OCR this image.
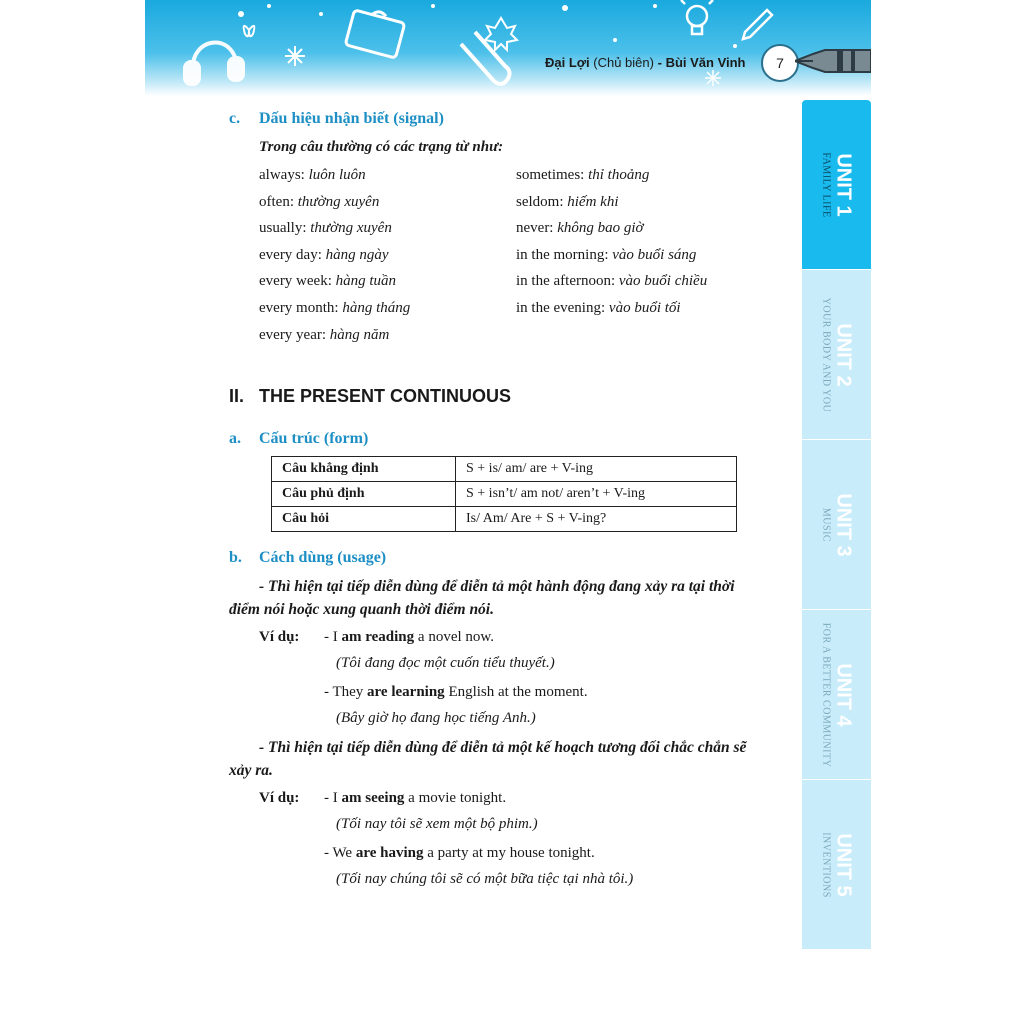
Đại Lợi (Chủ biên) - Bùi Văn Vinh	7
UNIT 1
FAMILY LIFE
UNIT 2
YOUR BODY AND YOU
UNIT 3
MUSIC
UNIT 4
FOR A BETTER COMMUNITY
UNIT 5
INVENTIONS
c. Dấu hiệu nhận biết (signal)
Trong câu thường có các trạng từ như:
always: luôn luôn
often: thường xuyên
usually: thường xuyên
every day: hàng ngày
every week: hàng tuần
every month: hàng tháng
every year: hàng năm
sometimes: thỉ thoảng
seldom: hiếm khi
never: không bao giờ
in the morning: vào buổi sáng
in the afternoon: vào buổi chiều
in the evening: vào buổi tối
II. THE PRESENT CONTINUOUS
a. Cấu trúc (form)
Câu khẳng định	S + is/ am/ are + V-ing
Câu phủ định	S + isn’t/ am not/ aren’t + V-ing
Câu hỏi	Is/ Am/ Are + S + V-ing?
b. Cách dùng (usage)
- Thì hiện tại tiếp diễn dùng để diễn tả một hành động đang xảy ra tại thời
điểm nói hoặc xung quanh thời điểm nói.
Ví dụ: - I am reading a novel now.
(Tôi đang đọc một cuốn tiểu thuyết.)
- They are learning English at the moment.
(Bây giờ họ đang học tiếng Anh.)
- Thì hiện tại tiếp diễn dùng để diễn tả một kế hoạch tương đối chắc chắn sẽ
xảy ra.
Ví dụ: - I am seeing a movie tonight.
(Tối nay tôi sẽ xem một bộ phim.)
- We are having a party at my house tonight.
(Tối nay chúng tôi sẽ có một bữa tiệc tại nhà tôi.)
